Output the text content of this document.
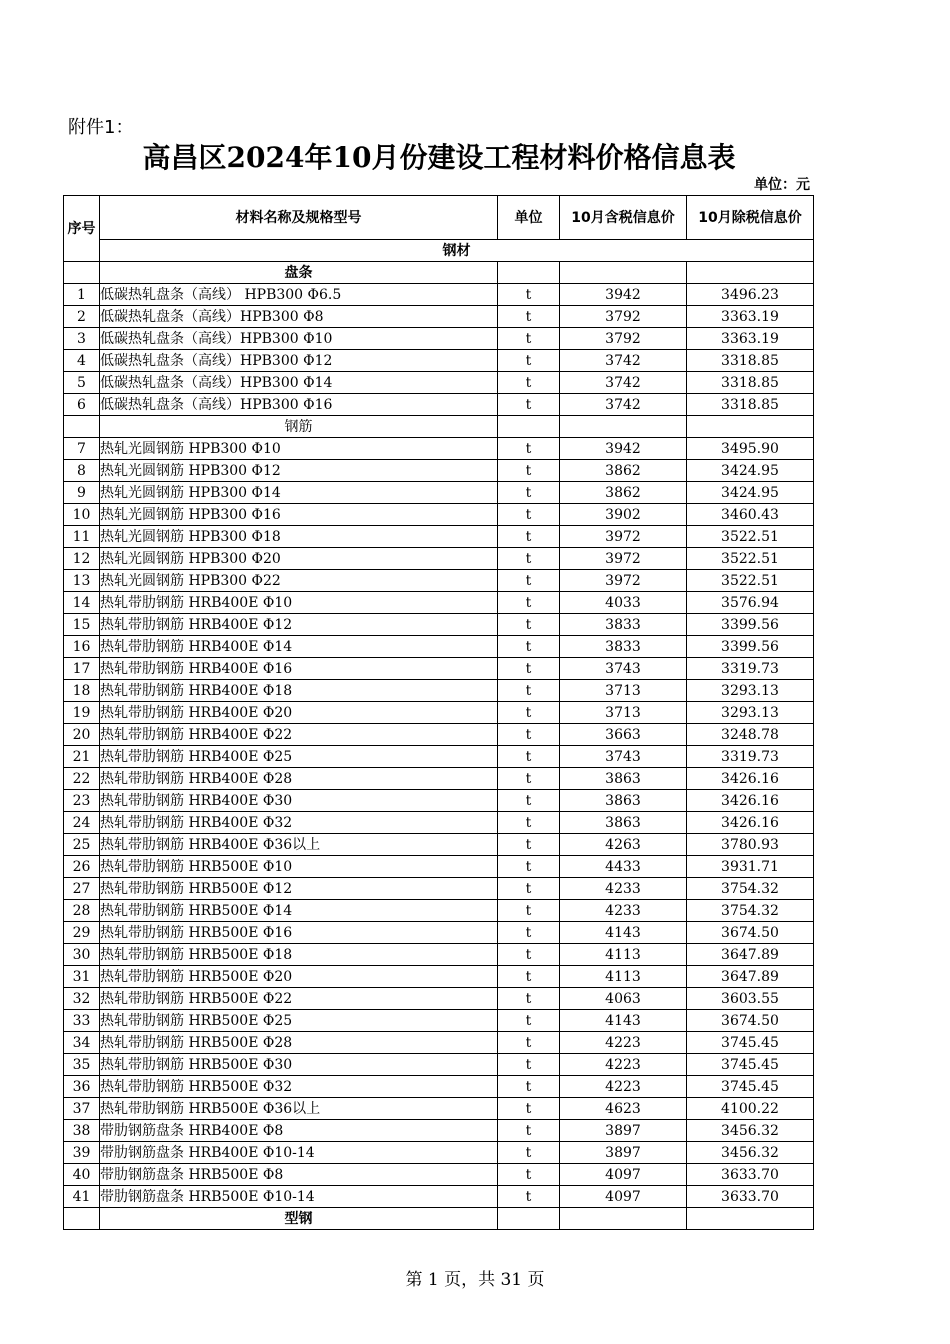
附件1：
高昌区2024年10月份建设工程材料价格信息表
单位：元
序号	材料名称及规格型号	单位	10月含税信息价	10月除税信息价
	钢材			
	盘条			
1	低碳热轧盘条（高线） HPB300 Φ6.5	t	3942	3496.23
2	低碳热轧盘条（高线）HPB300 Φ8	t	3792	3363.19
3	低碳热轧盘条（高线）HPB300 Φ10	t	3792	3363.19
4	低碳热轧盘条（高线）HPB300 Φ12	t	3742	3318.85
5	低碳热轧盘条（高线）HPB300 Φ14	t	3742	3318.85
6	低碳热轧盘条（高线）HPB300 Φ16	t	3742	3318.85
	钢筋			
7	热轧光圆钢筋 HPB300 Φ10	t	3942	3495.90
8	热轧光圆钢筋 HPB300 Φ12	t	3862	3424.95
9	热轧光圆钢筋 HPB300 Φ14	t	3862	3424.95
10	热轧光圆钢筋 HPB300 Φ16	t	3902	3460.43
11	热轧光圆钢筋 HPB300 Φ18	t	3972	3522.51
12	热轧光圆钢筋 HPB300 Φ20	t	3972	3522.51
13	热轧光圆钢筋 HPB300 Φ22	t	3972	3522.51
14	热轧带肋钢筋 HRB400E Φ10	t	4033	3576.94
15	热轧带肋钢筋 HRB400E Φ12	t	3833	3399.56
16	热轧带肋钢筋 HRB400E Φ14	t	3833	3399.56
17	热轧带肋钢筋 HRB400E Φ16	t	3743	3319.73
18	热轧带肋钢筋 HRB400E Φ18	t	3713	3293.13
19	热轧带肋钢筋 HRB400E Φ20	t	3713	3293.13
20	热轧带肋钢筋 HRB400E Φ22	t	3663	3248.78
21	热轧带肋钢筋 HRB400E Φ25	t	3743	3319.73
22	热轧带肋钢筋 HRB400E Φ28	t	3863	3426.16
23	热轧带肋钢筋 HRB400E Φ30	t	3863	3426.16
24	热轧带肋钢筋 HRB400E Φ32	t	3863	3426.16
25	热轧带肋钢筋 HRB400E Φ36以上	t	4263	3780.93
26	热轧带肋钢筋 HRB500E Φ10	t	4433	3931.71
27	热轧带肋钢筋 HRB500E Φ12	t	4233	3754.32
28	热轧带肋钢筋 HRB500E Φ14	t	4233	3754.32
29	热轧带肋钢筋 HRB500E Φ16	t	4143	3674.50
30	热轧带肋钢筋 HRB500E Φ18	t	4113	3647.89
31	热轧带肋钢筋 HRB500E Φ20	t	4113	3647.89
32	热轧带肋钢筋 HRB500E Φ22	t	4063	3603.55
33	热轧带肋钢筋 HRB500E Φ25	t	4143	3674.50
34	热轧带肋钢筋 HRB500E Φ28	t	4223	3745.45
35	热轧带肋钢筋 HRB500E Φ30	t	4223	3745.45
36	热轧带肋钢筋 HRB500E Φ32	t	4223	3745.45
37	热轧带肋钢筋 HRB500E Φ36以上	t	4623	4100.22
38	带肋钢筋盘条 HRB400E Φ8	t	3897	3456.32
39	带肋钢筋盘条 HRB400E Φ10-14	t	3897	3456.32
40	带肋钢筋盘条 HRB500E Φ8	t	4097	3633.70
41	带肋钢筋盘条 HRB500E Φ10-14	t	4097	3633.70
	型钢			
第 1 页，共 31 页
